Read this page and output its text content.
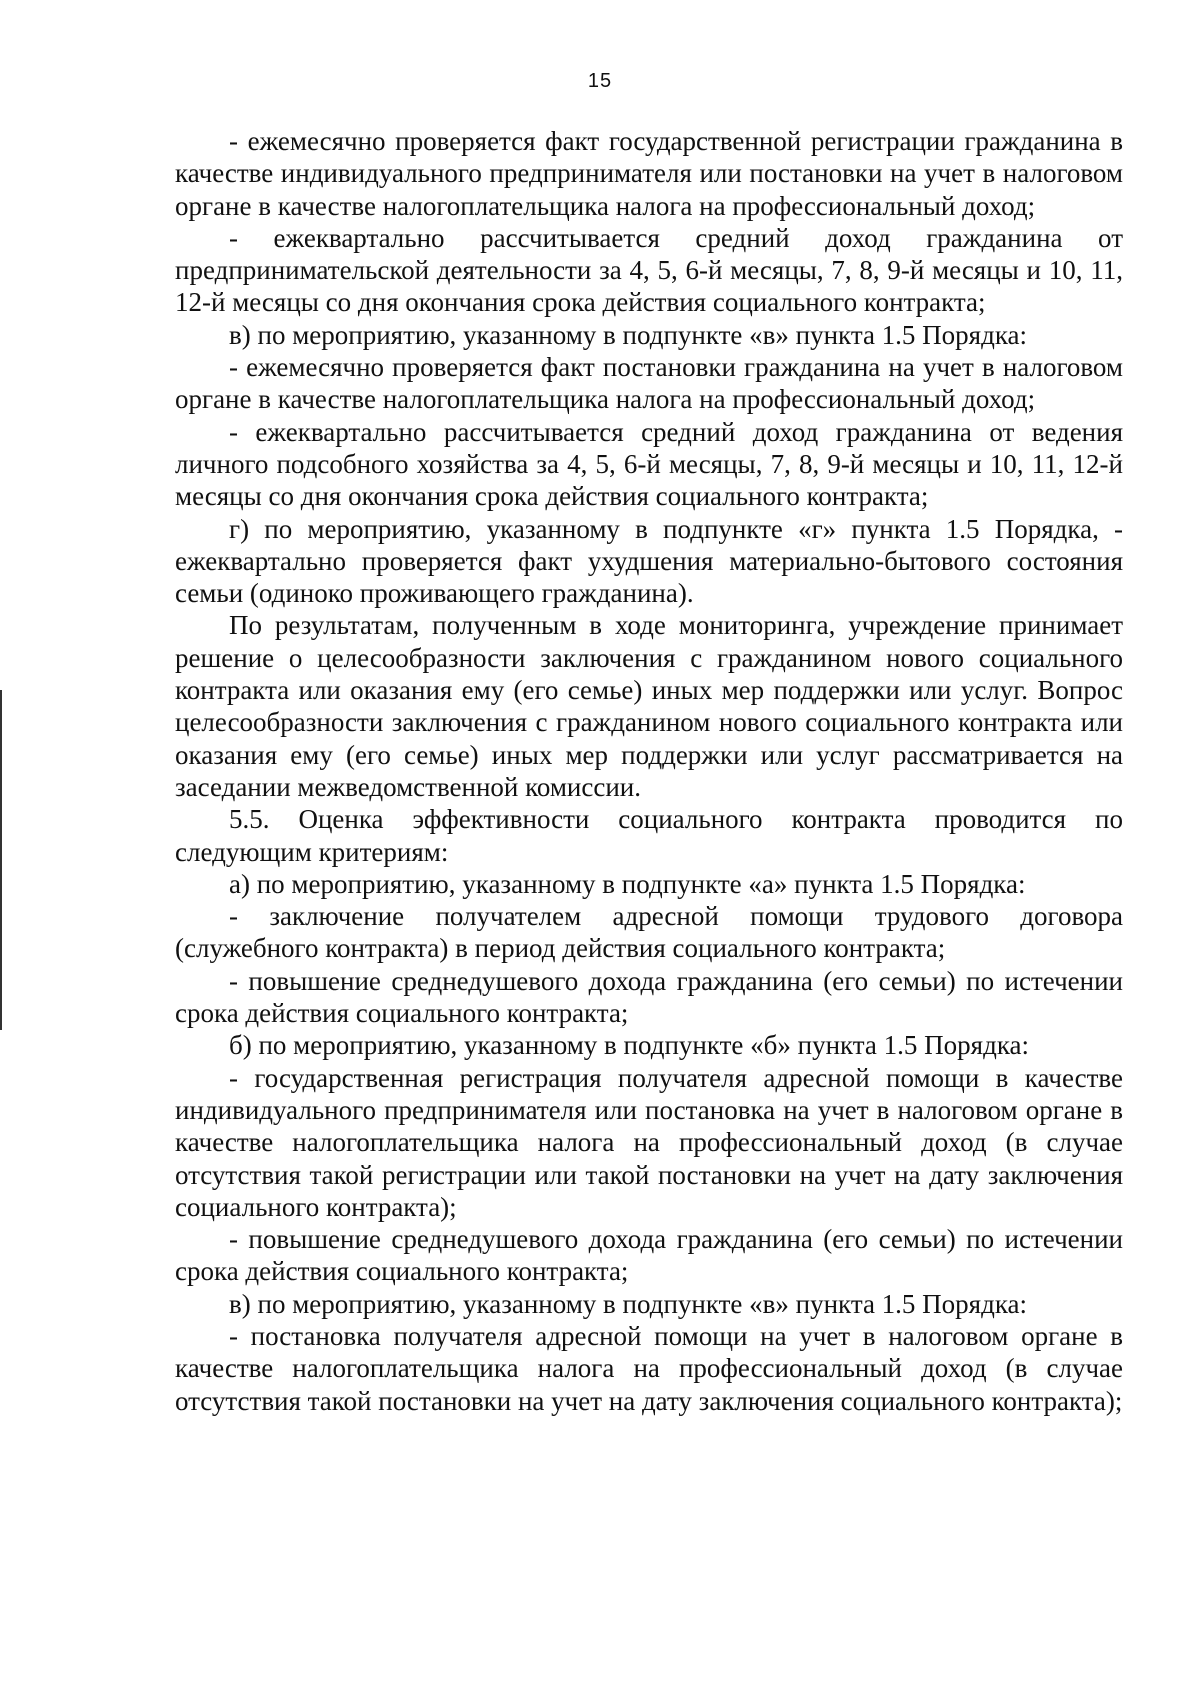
15

- ежемесячно проверяется факт государственной регистрации гражданина в качестве индивидуального предпринимателя или постановки на учет в налоговом органе в качестве налогоплательщика налога на профессиональный доход;

- ежеквартально рассчитывается средний доход гражданина от предпринимательской деятельности за 4, 5, 6-й месяцы, 7, 8, 9-й месяцы и 10, 11, 12-й месяцы со дня окончания срока действия социального контракта;

в) по мероприятию, указанному в подпункте «в» пункта 1.5 Порядка:

- ежемесячно проверяется факт постановки гражданина на учет в налоговом органе в качестве налогоплательщика налога на профессиональный доход;

- ежеквартально рассчитывается средний доход гражданина от ведения личного подсобного хозяйства за 4, 5, 6-й месяцы, 7, 8, 9-й месяцы и 10, 11, 12-й месяцы со дня окончания срока действия социального контракта;

г) по мероприятию, указанному в подпункте «г» пункта 1.5 Порядка, - ежеквартально проверяется факт ухудшения материально-бытового состояния семьи (одиноко проживающего гражданина).

По результатам, полученным в ходе мониторинга, учреждение принимает решение о целесообразности заключения с гражданином нового социального контракта или оказания ему (его семье) иных мер поддержки или услуг. Вопрос целесообразности заключения с гражданином нового социального контракта или оказания ему (его семье) иных мер поддержки или услуг рассматривается на заседании межведомственной комиссии.

5.5. Оценка эффективности социального контракта проводится по следующим критериям:

а) по мероприятию, указанному в подпункте «а» пункта 1.5 Порядка:

- заключение получателем адресной помощи трудового договора (служебного контракта) в период действия социального контракта;

- повышение среднедушевого дохода гражданина (его семьи) по истечении срока действия социального контракта;

б) по мероприятию, указанному в подпункте «б» пункта 1.5 Порядка:

- государственная регистрация получателя адресной помощи в качестве индивидуального предпринимателя или постановка на учет в налоговом органе в качестве налогоплательщика налога на профессиональный доход (в случае отсутствия такой регистрации или такой постановки на учет на дату заключения социального контракта);

- повышение среднедушевого дохода гражданина (его семьи) по истечении срока действия социального контракта;

в) по мероприятию, указанному в подпункте «в» пункта 1.5 Порядка:

- постановка получателя адресной помощи на учет в налоговом органе в качестве налогоплательщика налога на профессиональный доход (в случае отсутствия такой постановки на учет на дату заключения социального контракта);
